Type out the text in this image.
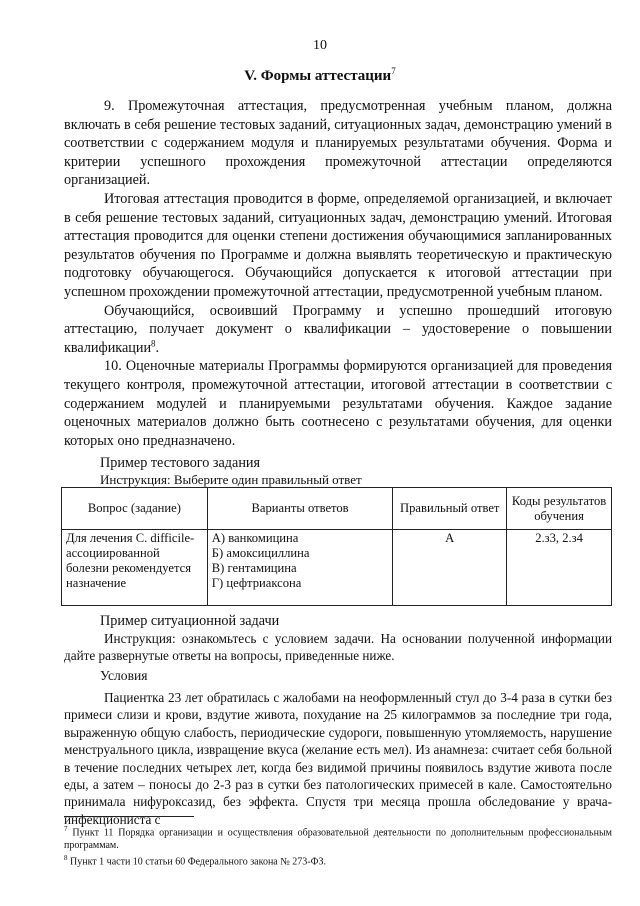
10
V. Формы аттестации$^7$

9. Промежуточная аттестация, предусмотренная учебным планом, должна включать в себя решение тестовых заданий, ситуационных задач, демонстрацию умений в соответствии с содержанием модуля и планируемых результатами обучения. Форма и критерии успешного прохождения промежуточной аттестации определяются организацией.

Итоговая аттестация проводится в форме, определяемой организацией, и включает в себя решение тестовых заданий, ситуационных задач, демонстрацию умений. Итоговая аттестация проводится для оценки степени достижения обучающимися запланированных результатов обучения по Программе и должна выявлять теоретическую и практическую подготовку обучающегося. Обучающийся допускается к итоговой аттестации при успешном прохождении промежуточной аттестации, предусмотренной учебным планом.

Обучающийся, освоивший Программу и успешно прошедший итоговую аттестацию, получает документ о квалификации – удостоверение о повышении квалификации$^8$.

10. Оценочные материалы Программы формируются организацией для проведения текущего контроля, промежуточной аттестации, итоговой аттестации в соответствии с содержанием модулей и планируемыми результатами обучения. Каждое задание оценочных материалов должно быть соотнесено с результатами обучения, для оценки которых оно предназначено.

Пример тестового задания
Инструкция: Выберите один правильный ответ
Вопрос (задание)	Варианты ответов	Правильный ответ	Коды результатов обучения
Для лечения C. difficile-ассоциированной болезни рекомендуется назначение	А) ванкомицина
Б) амоксициллина
В) гентамицина
Г) цефтриаксона	А	2.з3, 2.з4
Пример ситуационной задачи

Инструкция: ознакомьтесь с условием задачи. На основании полученной информации дайте развернутые ответы на вопросы, приведенные ниже.

Условия

Пациентка 23 лет обратилась с жалобами на неоформленный стул до 3-4 раза в сутки без примеси слизи и крови, вздутие живота, похудание на 25 килограммов за последние три года, выраженную общую слабость, периодические судороги, повышенную утомляемость, нарушение менструального цикла, извращение вкуса (желание есть мел). Из анамнеза: считает себя больной в течение последних четырех лет, когда без видимой причины появилось вздутие живота после еды, а затем – поносы до 2-3 раз в сутки без патологических примесей в кале. Самостоятельно принимала нифуроксазид, без эффекта. Спустя три месяца прошла обследование у врача-инфекциониста с

$^7$ Пункт 11 Порядка организации и осуществления образовательной деятельности по дополнительным профессиональным программам.
$^8$ Пункт 1 части 10 статьи 60 Федерального закона № 273-ФЗ.
